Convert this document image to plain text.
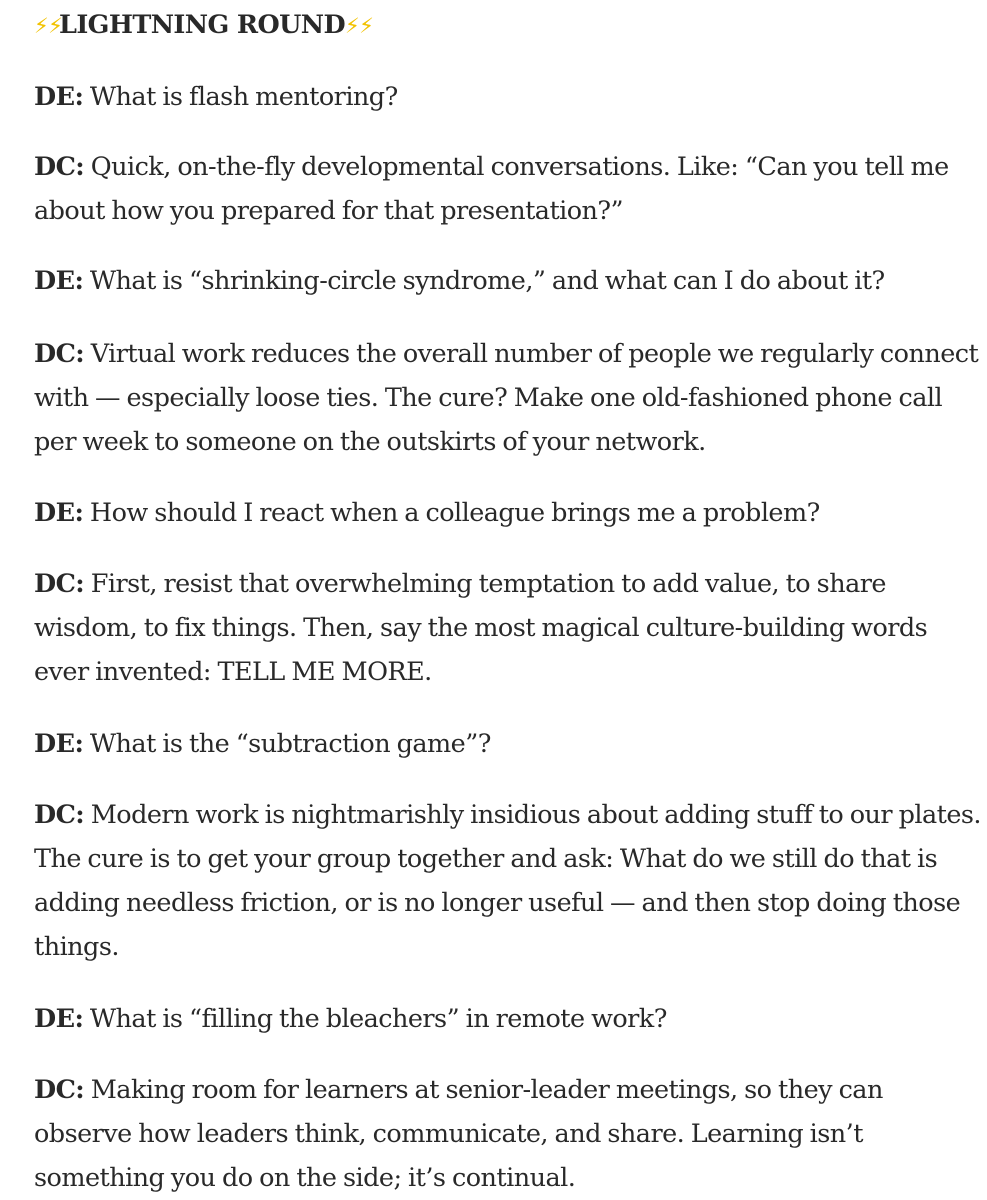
⚡⚡LIGHTNING ROUND⚡⚡

DE: What is flash mentoring?

DC: Quick, on-the-fly developmental conversations. Like: “Can you tell me about how you prepared for that presentation?”

DE: What is “shrinking-circle syndrome,” and what can I do about it?

DC: Virtual work reduces the overall number of people we regularly connect with — especially loose ties. The cure? Make one old-fashioned phone call per week to someone on the outskirts of your network.

DE: How should I react when a colleague brings me a problem?

DC: First, resist that overwhelming temptation to add value, to share wisdom, to fix things. Then, say the most magical culture-building words ever invented: TELL ME MORE.

DE: What is the “subtraction game”?

DC: Modern work is nightmarishly insidious about adding stuff to our plates. The cure is to get your group together and ask: What do we still do that is adding needless friction, or is no longer useful — and then stop doing those things.

DE: What is “filling the bleachers” in remote work?

DC: Making room for learners at senior-leader meetings, so they can observe how leaders think, communicate, and share. Learning isn’t something you do on the side; it’s continual.
